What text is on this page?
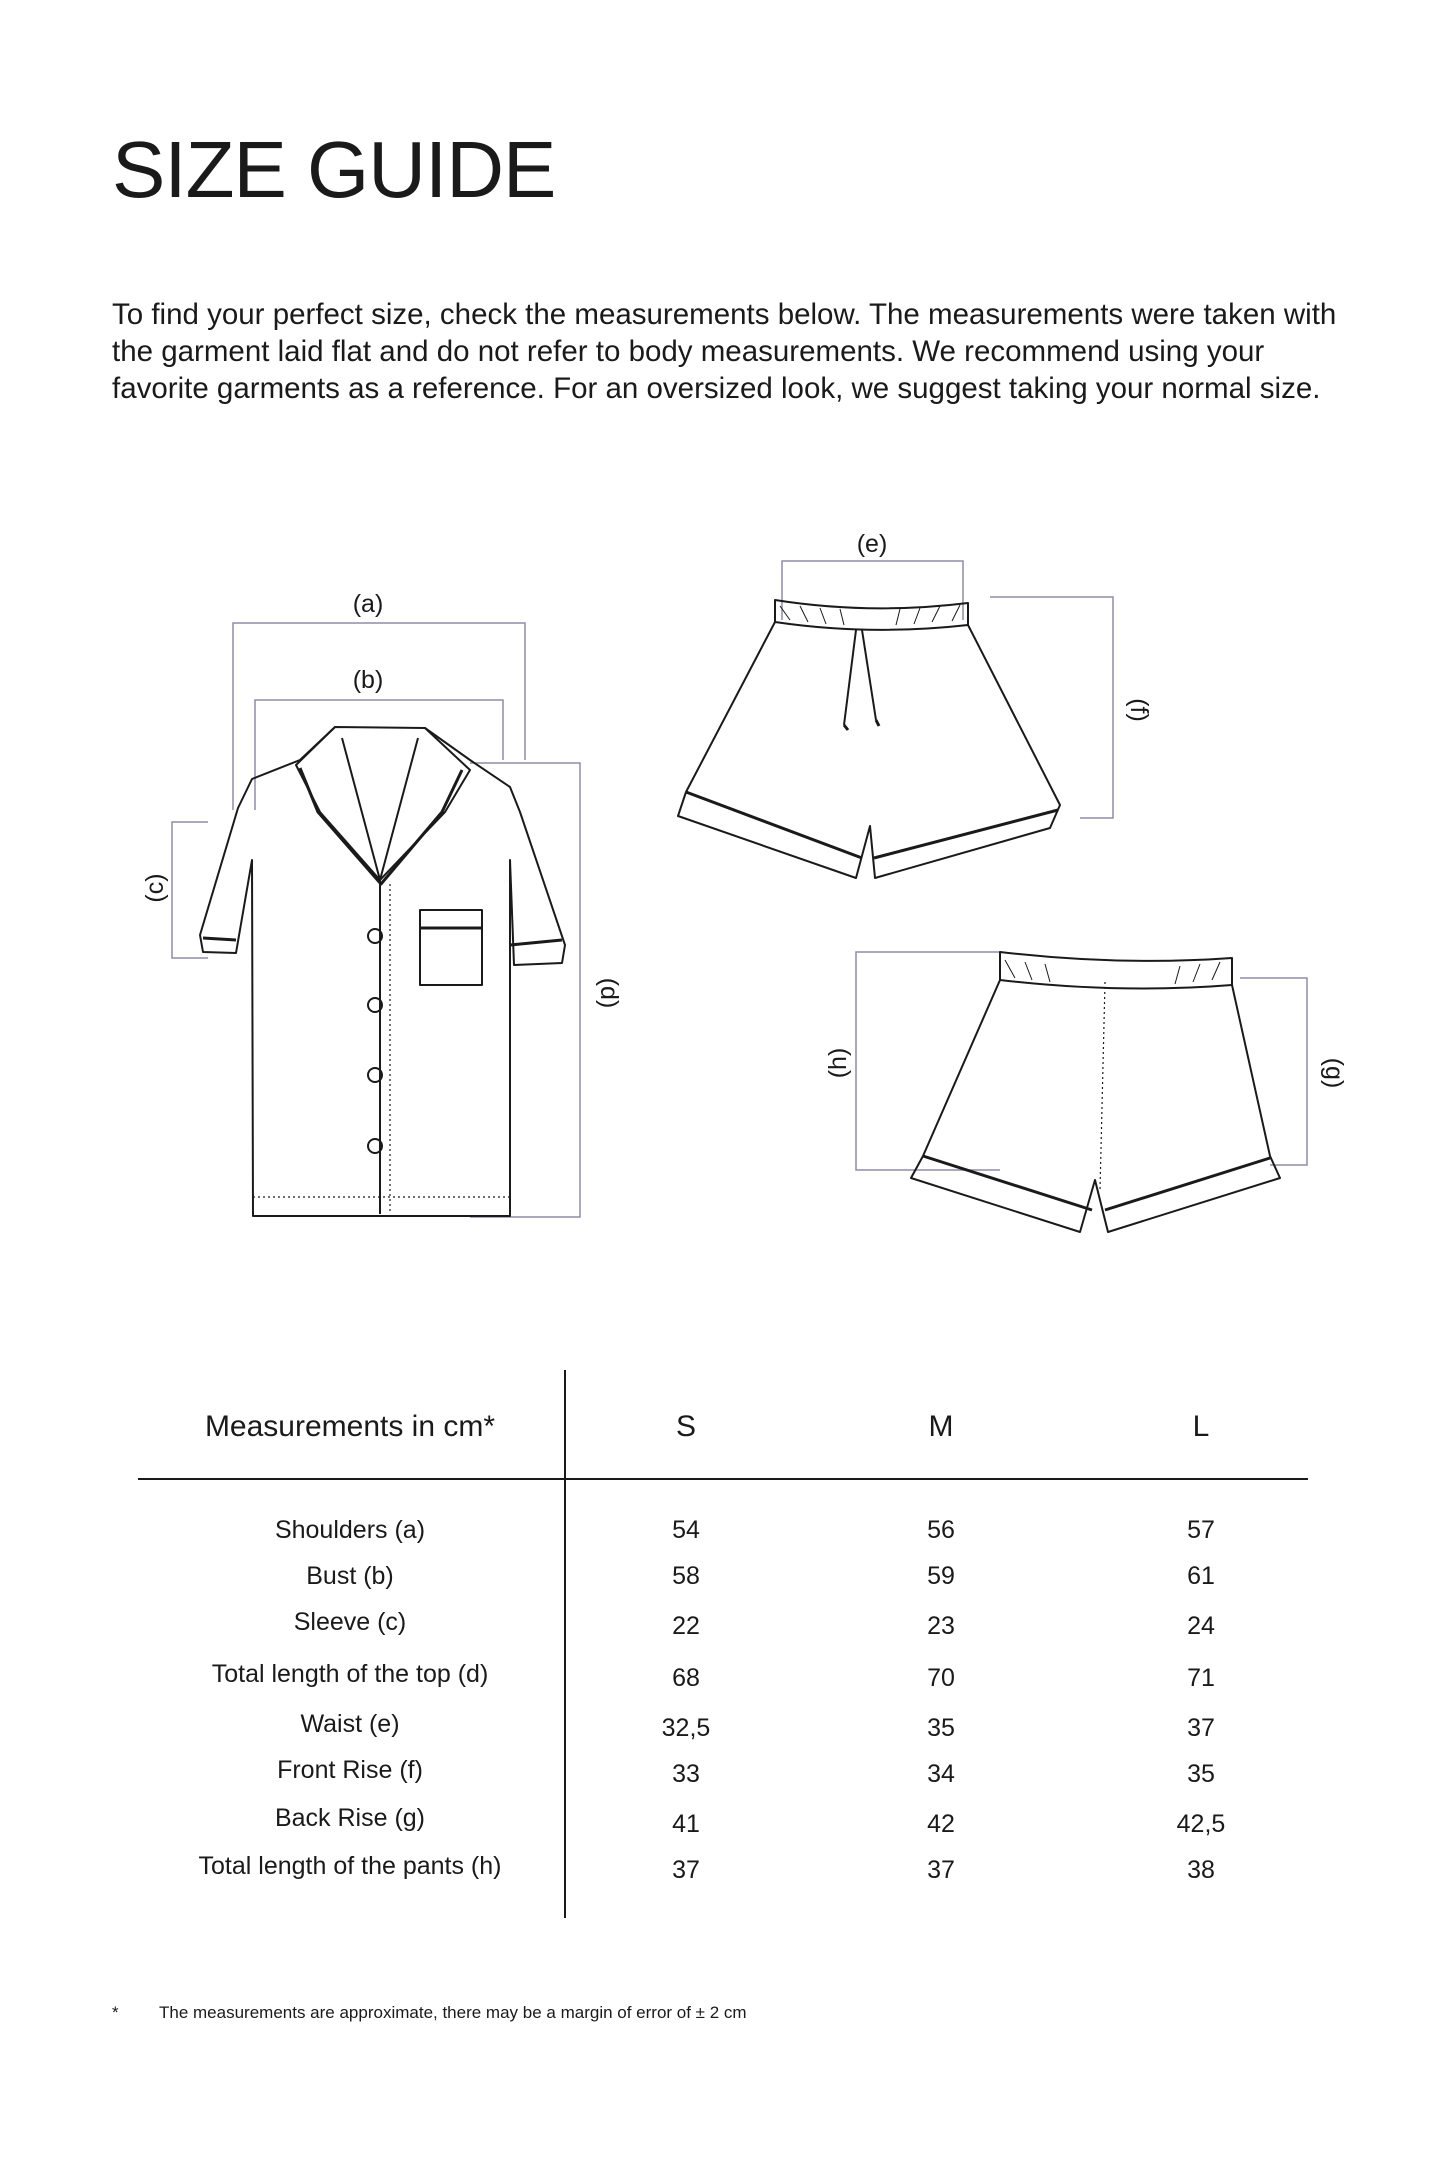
SIZE GUIDE

To find your perfect size, check the measurements below. The measurements were taken with the garment laid flat and do not refer to body measurements. We recommend using your favorite garments as a reference. For an oversized look, we suggest taking your normal size.

(a)
(b)
(c)
(d)
(e)
(f)
(g)
(h)
Measurements in cm*	S	M	L
Shoulders (a)	54	56	57
Bust (b)	58	59	61
Sleeve (c)	22	23	24
Total length of the top (d)	68	70	71
Waist (e)	32,5	35	37
Front Rise (f)	33	34	35
Back Rise (g)	41	42	42,5
Total length of the pants (h)	37	37	38
* The measurements are approximate, there may be a margin of error of ± 2 cm
